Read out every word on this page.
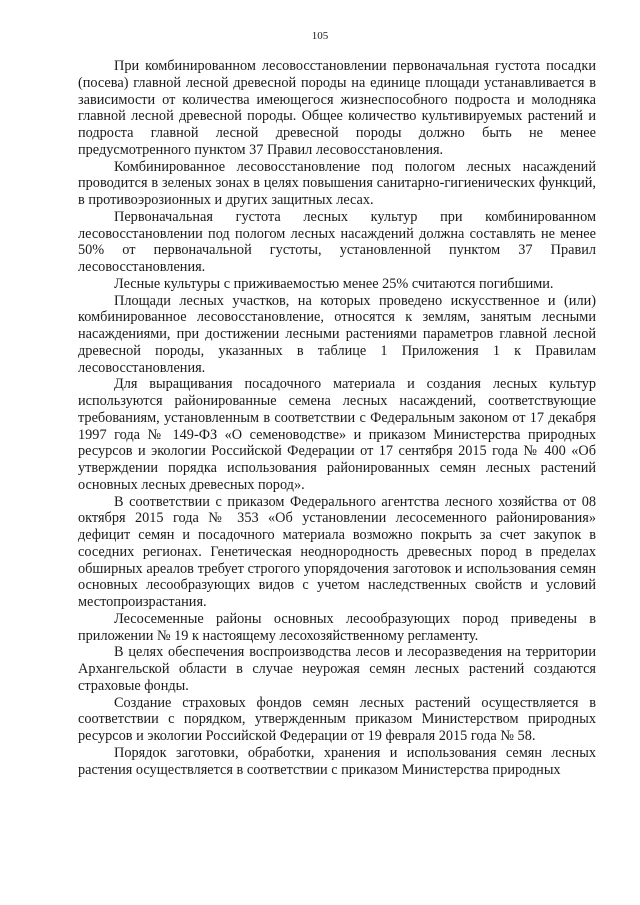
105

При комбинированном лесовосстановлении первоначальная густота посадки (посева) главной лесной древесной породы на единице площади устанавливается в зависимости от количества имеющегося жизнеспособного подроста и молодняка главной лесной древесной породы. Общее количество культивируемых растений и подроста главной лесной древесной породы должно быть не менее предусмотренного пунктом 37 Правил лесовосстановления.

Комбинированное лесовосстановление под пологом лесных насаждений проводится в зеленых зонах в целях повышения санитарно-гигиенических функций, в противоэрозионных и других защитных лесах.

Первоначальная густота лесных культур при комбинированном лесовосстановлении под пологом лесных насаждений должна составлять не менее 50% от первоначальной густоты, установленной пунктом 37 Правил лесовосстановления.

Лесные культуры с приживаемостью менее 25% считаются погибшими.

Площади лесных участков, на которых проведено искусственное и (или) комбинированное лесовосстановление, относятся к землям, занятым лесными насаждениями, при достижении лесными растениями параметров главной лесной древесной породы, указанных в таблице 1 Приложения 1 к Правилам лесовосстановления.

Для выращивания посадочного материала и создания лесных культур используются районированные семена лесных насаждений, соответствующие требованиям, установленным в соответствии с Федеральным законом от 17 декабря 1997 года № 149-ФЗ «О семеноводстве» и приказом Министерства природных ресурсов и экологии Российской Федерации от 17 сентября 2015 года № 400 «Об утверждении порядка использования районированных семян лесных растений основных лесных древесных пород».

В соответствии с приказом Федерального агентства лесного хозяйства от 08 октября 2015 года № 353 «Об установлении лесосеменного районирования» дефицит семян и посадочного материала возможно покрыть за счет закупок в соседних регионах. Генетическая неоднородность древесных пород в пределах обширных ареалов требует строгого упорядочения заготовок и использования семян основных лесообразующих видов с учетом наследственных свойств и условий местопроизрастания.

Лесосеменные районы основных лесообразующих пород приведены в приложении № 19 к настоящему лесохозяйственному регламенту.

В целях обеспечения воспроизводства лесов и лесоразведения на территории Архангельской области в случае неурожая семян лесных растений создаются страховые фонды.

Создание страховых фондов семян лесных растений осуществляется в соответствии с порядком, утвержденным приказом Министерством природных ресурсов и экологии Российской Федерации от 19 февраля 2015 года № 58.

Порядок заготовки, обработки, хранения и использования семян лесных растения осуществляется в соответствии с приказом Министерства природных
